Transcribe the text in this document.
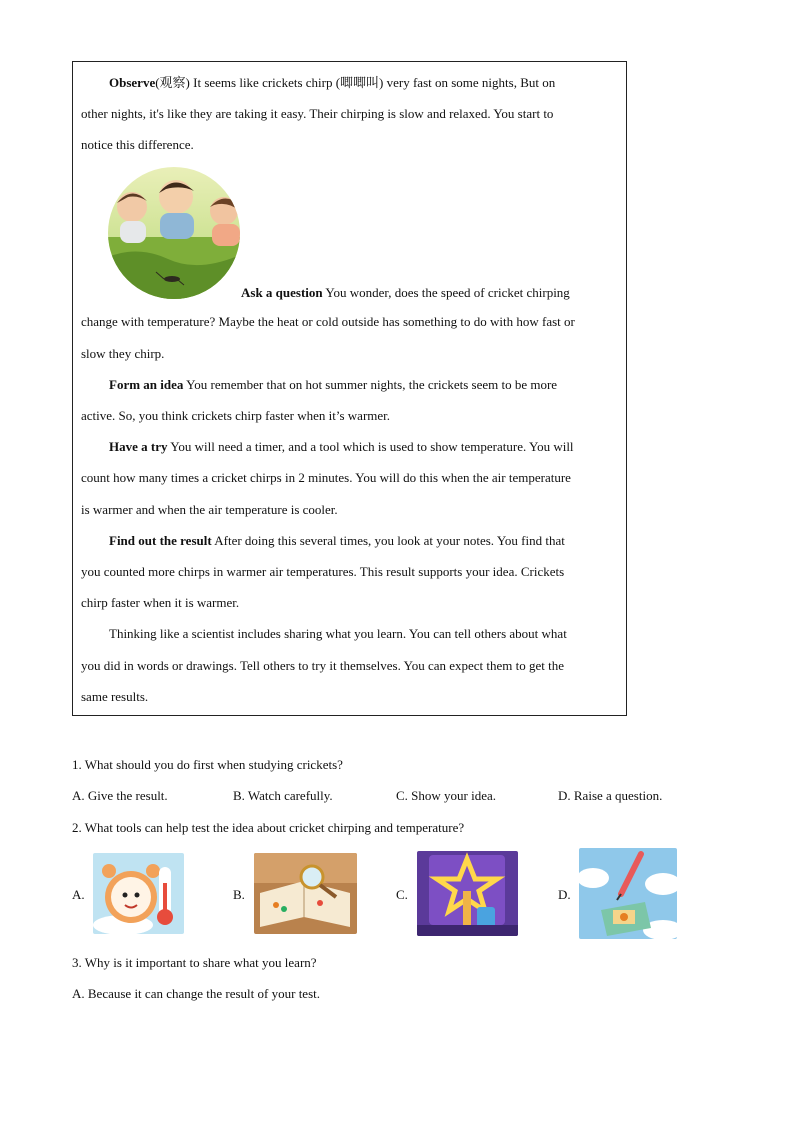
Observe(观察) It seems like crickets chirp (唧唧叫) very fast on some nights, But on
other nights, it's like they are taking it easy. Their chirping is slow and relaxed. You start to
notice this difference.
Ask a question You wonder, does the speed of cricket chirping
change with temperature? Maybe the heat or cold outside has something to do with how fast or
slow they chirp.
Form an idea You remember that on hot summer nights, the crickets seem to be more
active. So, you think crickets chirp faster when it’s warmer.
Have a try You will need a timer, and a tool which is used to show temperature. You will
count how many times a cricket chirps in 2 minutes. You will do this when the air temperature
is warmer and when the air temperature is cooler.
Find out the result After doing this several times, you look at your notes. You find that
you counted more chirps in warmer air temperatures. This result supports your idea. Crickets
chirp faster when it is warmer.
Thinking like a scientist includes sharing what you learn. You can tell others about what
you did in words or drawings. Tell others to try it themselves. You can expect them to get the
same results.
1. What should you do first when studying crickets?
A. Give the result.	B. Watch carefully.	C. Show your idea.	D. Raise a question.
2. What tools can help test the idea about cricket chirping and temperature?
A.	B.	C.	D.
3. Why is it important to share what you learn?
A. Because it can change the result of your test.
